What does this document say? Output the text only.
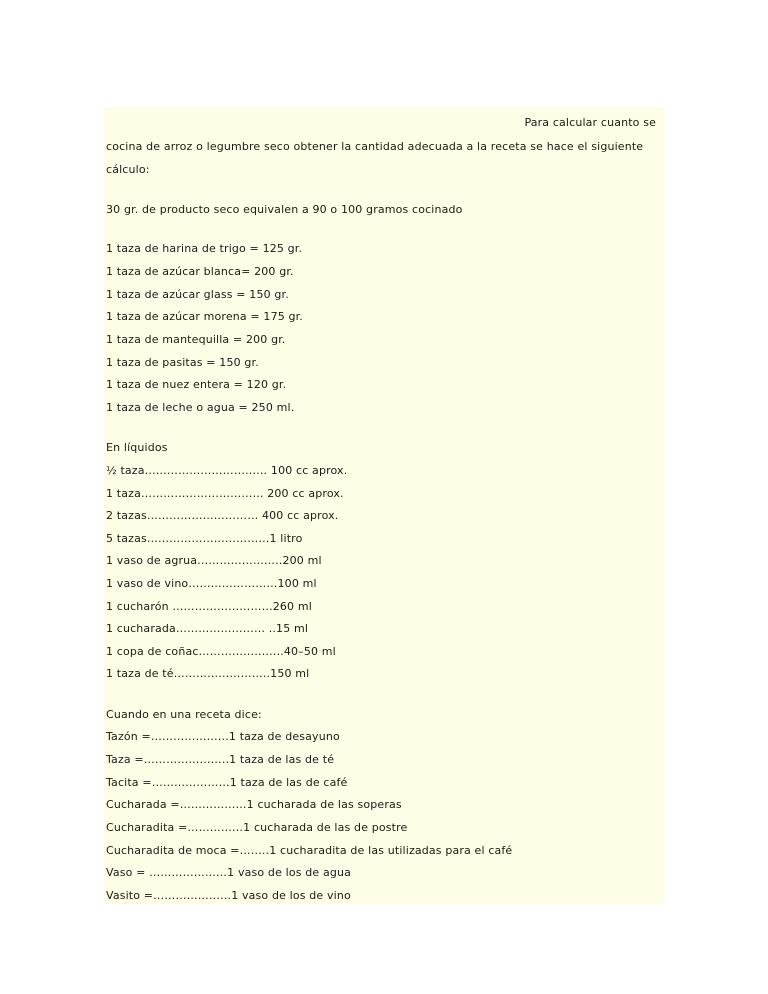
Para calcular cuanto se
cocina de arroz o legumbre seco obtener la cantidad adecuada a la receta se hace el siguiente
cálculo:
30 gr. de producto seco equivalen a 90 o 100 gramos cocinado
1 taza de harina de trigo = 125 gr.
1 taza de azúcar blanca= 200 gr.
1 taza de azúcar glass = 150 gr.
1 taza de azúcar morena = 175 gr.
1 taza de mantequilla = 200 gr.
1 taza de pasitas = 150 gr.
1 taza de nuez entera = 120 gr.
1 taza de leche o agua = 250 ml.
En líquidos
½ taza…………………………… 100 cc aprox.
1 taza…………………………… 200 cc aprox.
2 tazas………………………… 400 cc aprox.
5 tazas……………………………1 litro
1 vaso de agrua…………………..200 ml
1 vaso de vino……………………100 ml
1 cucharón ………………………260 ml
1 cucharada…………………… ..15 ml
1 copa de coñac…………………..40–50 ml
1 taza de té……………………..150 ml
Cuando en una receta dice:
Tazón =…………………1 taza de desayuno
Taza =…………………..1 taza de las de té
Tacita =…………………1 taza de las de café
Cucharada =………………1 cucharada de las soperas
Cucharadita =……………1 cucharada de las de postre
Cucharadita de moca =……..1 cucharadita de las utilizadas para el café
Vaso = …………………1 vaso de los de agua
Vasito =…………………1 vaso de los de vino
